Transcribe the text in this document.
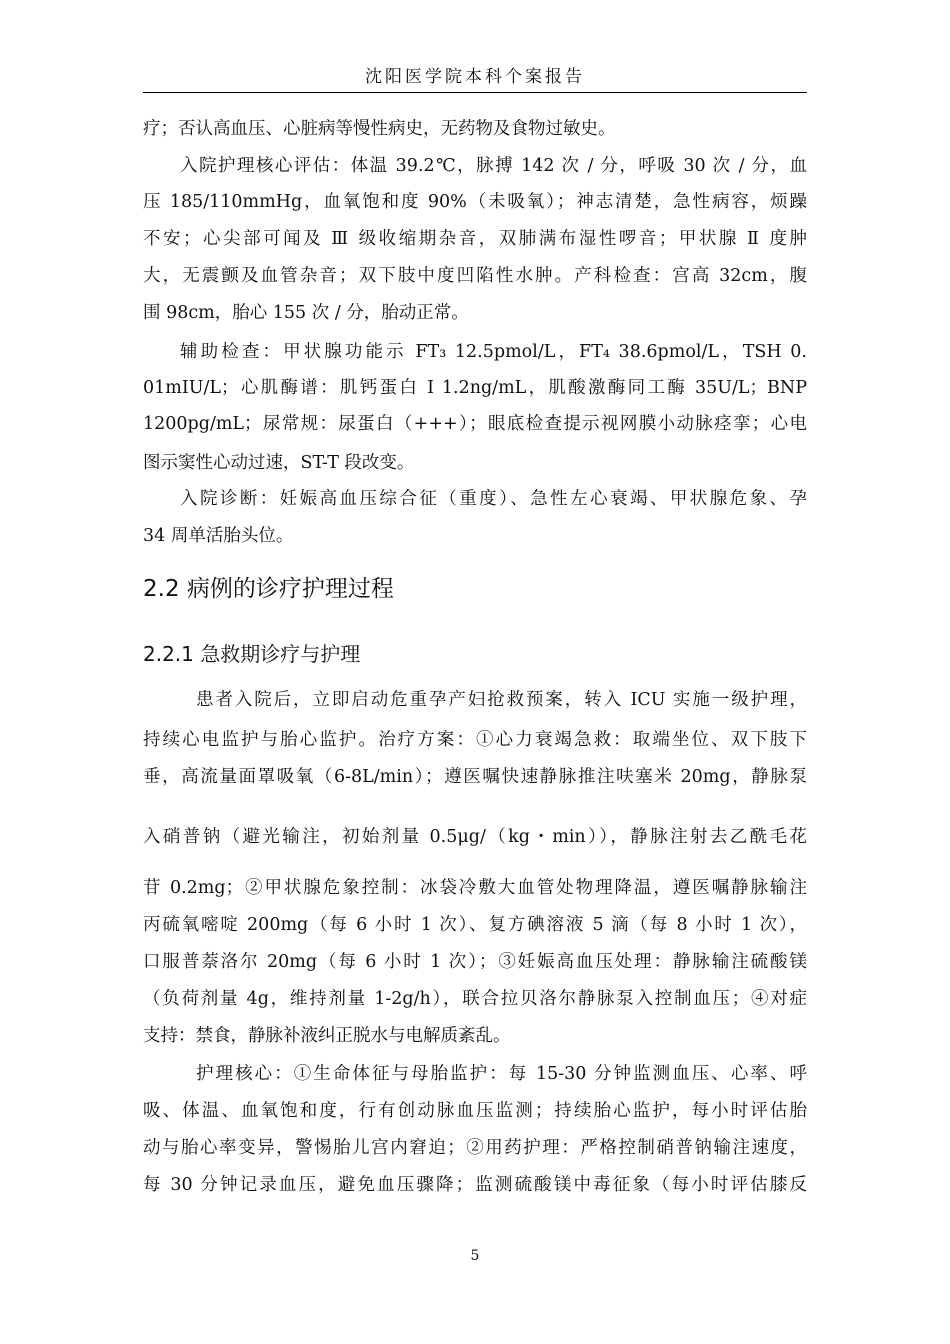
沈阳医学院本科个案报告
疗；否认高血压、心脏病等慢性病史，无药物及食物过敏史。
入院护理核心评估：体温 39.2℃，脉搏 142 次 / 分，呼吸 30 次 / 分，血
压 185/110mmHg，血氧饱和度 90%（未吸氧）；神志清楚，急性病容，烦躁
不安；心尖部可闻及 Ⅲ 级收缩期杂音，双肺满布湿性啰音；甲状腺 Ⅱ 度肿
大，无震颤及血管杂音；双下肢中度凹陷性水肿。产科检查：宫高 32cm，腹
围 98cm，胎心 155 次 / 分，胎动正常。
辅助检查：甲状腺功能示 FT₃ 12.5pmol/L，FT₄ 38.6pmol/L，TSH 0.
01mIU/L；心肌酶谱：肌钙蛋白 I 1.2ng/mL，肌酸激酶同工酶 35U/L；BNP
1200pg/mL；尿常规：尿蛋白（+++）；眼底检查提示视网膜小动脉痉挛；心电
图示窦性心动过速，ST-T 段改变。
入院诊断：妊娠高血压综合征（重度）、急性左心衰竭、甲状腺危象、孕
34 周单活胎头位。
2.2 病例的诊疗护理过程
2.2.1 急救期诊疗与护理
患者入院后，立即启动危重孕产妇抢救预案，转入 ICU 实施一级护理，
持续心电监护与胎心监护。治疗方案：①心力衰竭急救：取端坐位、双下肢下
垂，高流量面罩吸氧（6-8L/min）；遵医嘱快速静脉推注呋塞米 20mg，静脉泵
入硝普钠（避光输注，初始剂量 0.5μg/（kg・min）），静脉注射去乙酰毛花
苷 0.2mg；②甲状腺危象控制：冰袋冷敷大血管处物理降温，遵医嘱静脉输注
丙硫氧嘧啶 200mg（每 6 小时 1 次）、复方碘溶液 5 滴（每 8 小时 1 次），
口服普萘洛尔 20mg（每 6 小时 1 次）；③妊娠高血压处理：静脉输注硫酸镁
（负荷剂量 4g，维持剂量 1-2g/h），联合拉贝洛尔静脉泵入控制血压；④对症
支持：禁食，静脉补液纠正脱水与电解质紊乱。
护理核心：①生命体征与母胎监护：每 15-30 分钟监测血压、心率、呼
吸、体温、血氧饱和度，行有创动脉血压监测；持续胎心监护，每小时评估胎
动与胎心率变异，警惕胎儿宫内窘迫；②用药护理：严格控制硝普钠输注速度，
每 30 分钟记录血压，避免血压骤降；监测硫酸镁中毒征象（每小时评估膝反
5
